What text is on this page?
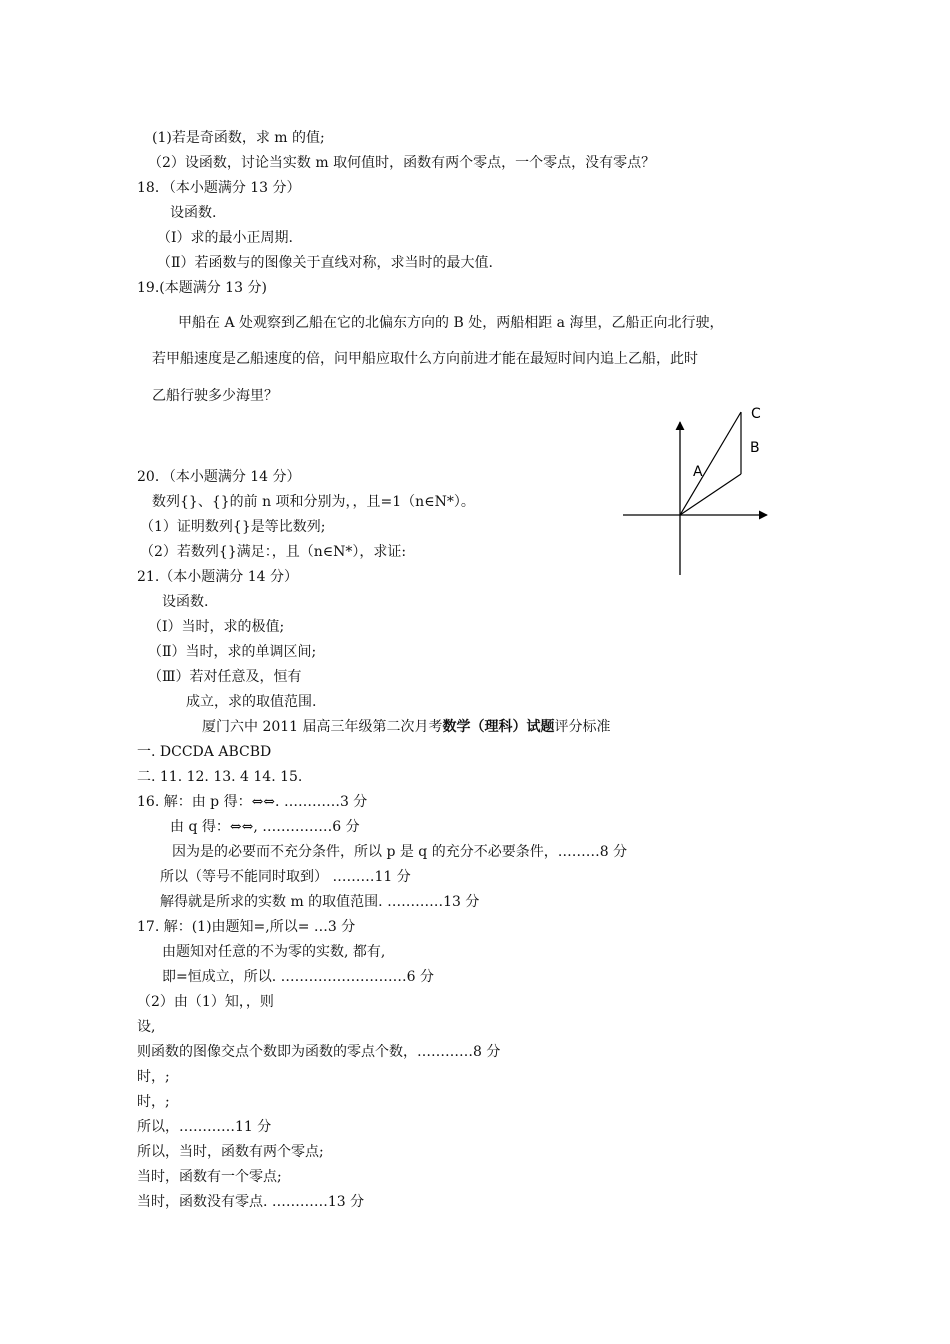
(1)若是奇函数，求 m 的值;
（2）设函数，讨论当实数 m 取何值时，函数有两个零点，一个零点，没有零点？
18．（本小题满分 13 分）
设函数.
（Ⅰ）求的最小正周期.
（Ⅱ）若函数与的图像关于直线对称，求当时的最大值.
19.(本题满分 13 分)
甲船在 A 处观察到乙船在它的北偏东方向的 B 处，两船相距 a 海里，乙船正向北行驶，
若甲船速度是乙船速度的倍，问甲船应取什么方向前进才能在最短时间内追上乙船，此时
乙船行驶多少海里？
20．（本小题满分 14 分）
数列{}、{}的前 n 项和分别为，，且=1（n∈N*）。
（1）证明数列{}是等比数列;
（2）若数列{}满足：，且（n∈N*），求证:
21.（本小题满分 14 分）
设函数.
（Ⅰ）当时，求的极值;
（Ⅱ）当时，求的单调区间;
（Ⅲ）若对任意及，恒有
成立，求的取值范围.
厦门六中 2011 届高三年级第二次月考数学（理科）试题评分标准
一. DCCDA ABCBD
二. 11. 12. 13. 4 14. 15.
16. 解：由 p 得：⇔⇔. …………3 分
由 q 得：⇔⇔, ……………6 分
因为是的必要而不充分条件，所以 p 是 q 的充分不必要条件，………8 分
所以（等号不能同时取到） ………11 分
解得就是所求的实数 m 的取值范围. …………13 分
17. 解：(1)由题知=,所以= …3 分
由题知对任意的不为零的实数, 都有,
即=恒成立，所以. ………………………6 分
（2）由（1）知，，则
设,
则函数的图像交点个数即为函数的零点个数，…………8 分
时，;
时，;
所以，…………11 分
所以，当时，函数有两个零点;
当时，函数有一个零点;
当时，函数没有零点. …………13 分
C
B
A
